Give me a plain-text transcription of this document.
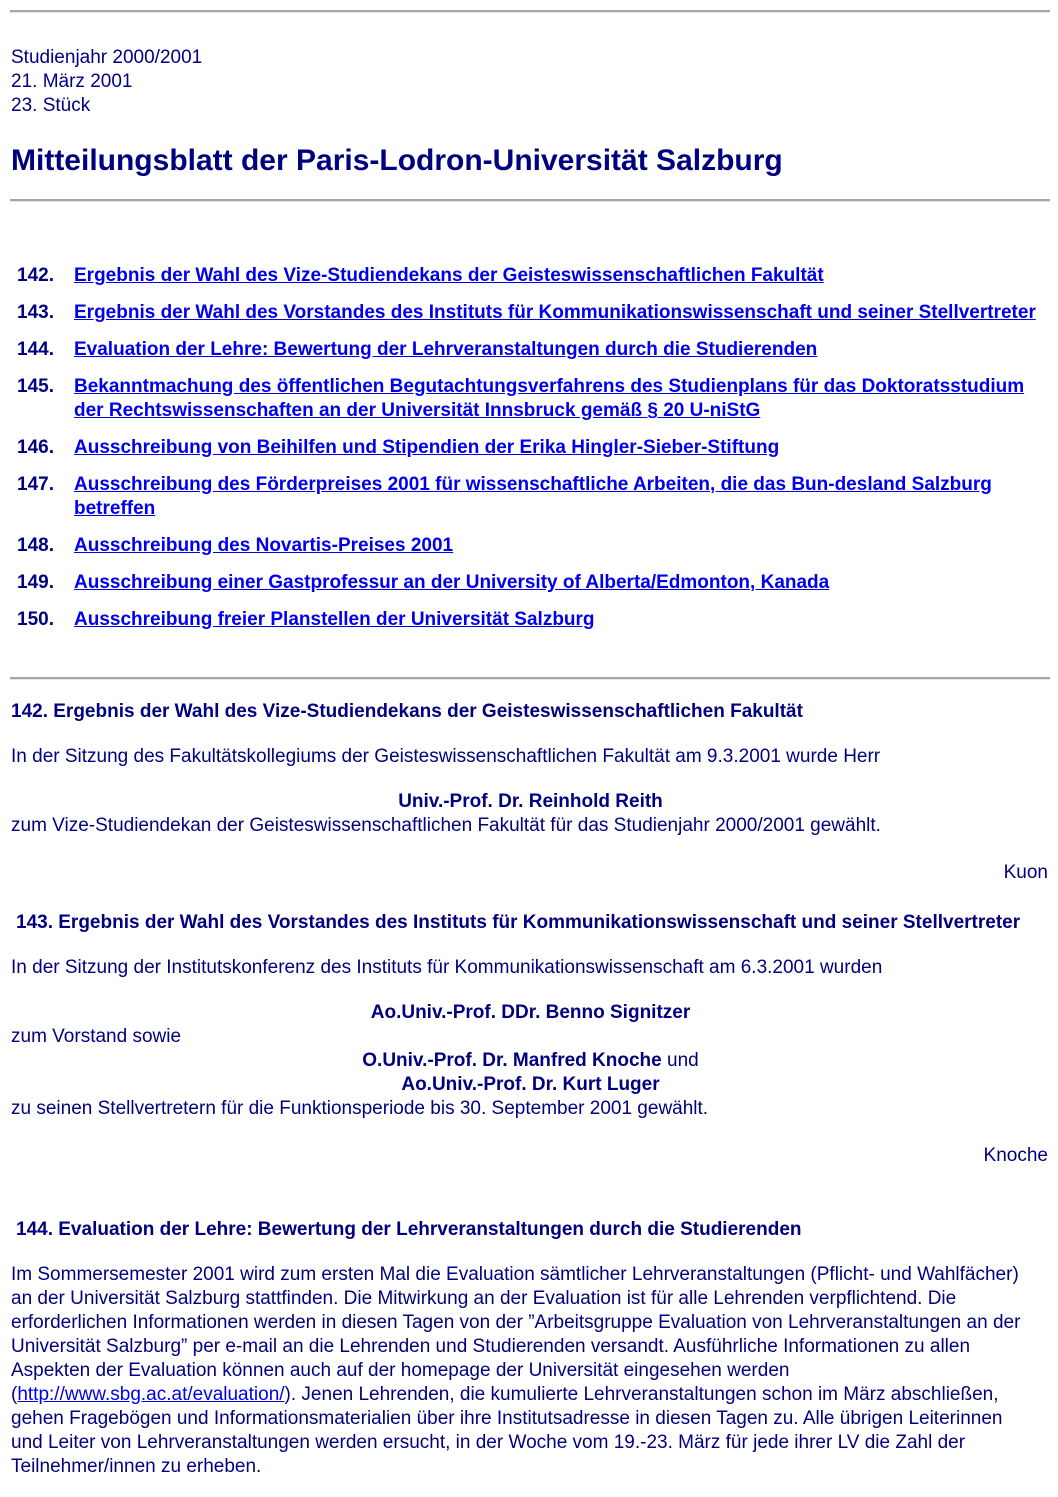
Studienjahr 2000/2001
21. März 2001
23. Stück
Mitteilungsblatt der Paris-Lodron-Universität Salzburg
142.	Ergebnis der Wahl des Vize-Studiendekans der Geisteswissenschaftlichen Fakultät
143.	Ergebnis der Wahl des Vorstandes des Instituts für Kommunikationswissenschaft und seiner Stellvertreter
144.	Evaluation der Lehre: Bewertung der Lehrveranstaltungen durch die Studierenden
145.	Bekanntmachung des öffentlichen Begutachtungsverfahrens des Studienplans für das Doktoratsstudium der Rechtswissenschaften an der Universität Innsbruck gemäß § 20 U-niStG
146.	Ausschreibung von Beihilfen und Stipendien der Erika Hingler-Sieber-Stiftung
147.	Ausschreibung des Förderpreises 2001 für wissenschaftliche Arbeiten, die das Bun-desland Salzburg betreffen
148.	Ausschreibung des Novartis-Preises 2001
149.	Ausschreibung einer Gastprofessur an der University of Alberta/Edmonton, Kanada
150.	Ausschreibung freier Planstellen der Universität Salzburg
142. Ergebnis der Wahl des Vize-Studiendekans der Geisteswissenschaftlichen Fakultät

In der Sitzung des Fakultätskollegiums der Geisteswissenschaftlichen Fakultät am 9.3.2001 wurde Herr

Univ.-Prof. Dr. Reinhold Reith

zum Vize-Studiendekan der Geisteswissenschaftlichen Fakultät für das Studienjahr 2000/2001 gewählt.

Kuon
143. Ergebnis der Wahl des Vorstandes des Instituts für Kommunikationswissenschaft und seiner Stellvertreter

In der Sitzung der Institutskonferenz des Instituts für Kommunikationswissenschaft am 6.3.2001 wurden

Ao.Univ.-Prof. DDr. Benno Signitzer

zum Vorstand sowie

O.Univ.-Prof. Dr. Manfred Knoche und
Ao.Univ.-Prof. Dr. Kurt Luger

zu seinen Stellvertretern für die Funktionsperiode bis 30. September 2001 gewählt.

Knoche
144. Evaluation der Lehre: Bewertung der Lehrveranstaltungen durch die Studierenden

Im Sommersemester 2001 wird zum ersten Mal die Evaluation sämtlicher Lehrveranstaltungen (Pflicht- und Wahlfächer) an der Universität Salzburg stattfinden. Die Mitwirkung an der Evaluation ist für alle Lehrenden verpflichtend. Die erforderlichen Informationen werden in diesen Tagen von der ”Arbeitsgruppe Evaluation von Lehrveranstaltungen an der Universität Salzburg” per e-mail an die Lehrenden und Studierenden versandt. Ausführliche Informationen zu allen Aspekten der Evaluation können auch auf der homepage der Universität eingesehen werden (http://www.sbg.ac.at/evaluation/). Jenen Lehrenden, die kumulierte Lehrveranstaltungen schon im März abschließen, gehen Fragebögen und Informationsmaterialien über ihre Institutsadresse in diesen Tagen zu. Alle übrigen Leiterinnen und Leiter von Lehrveranstaltungen werden ersucht, in der Woche vom 19.-23. März für jede ihrer LV die Zahl der Teilnehmer/innen zu erheben.
